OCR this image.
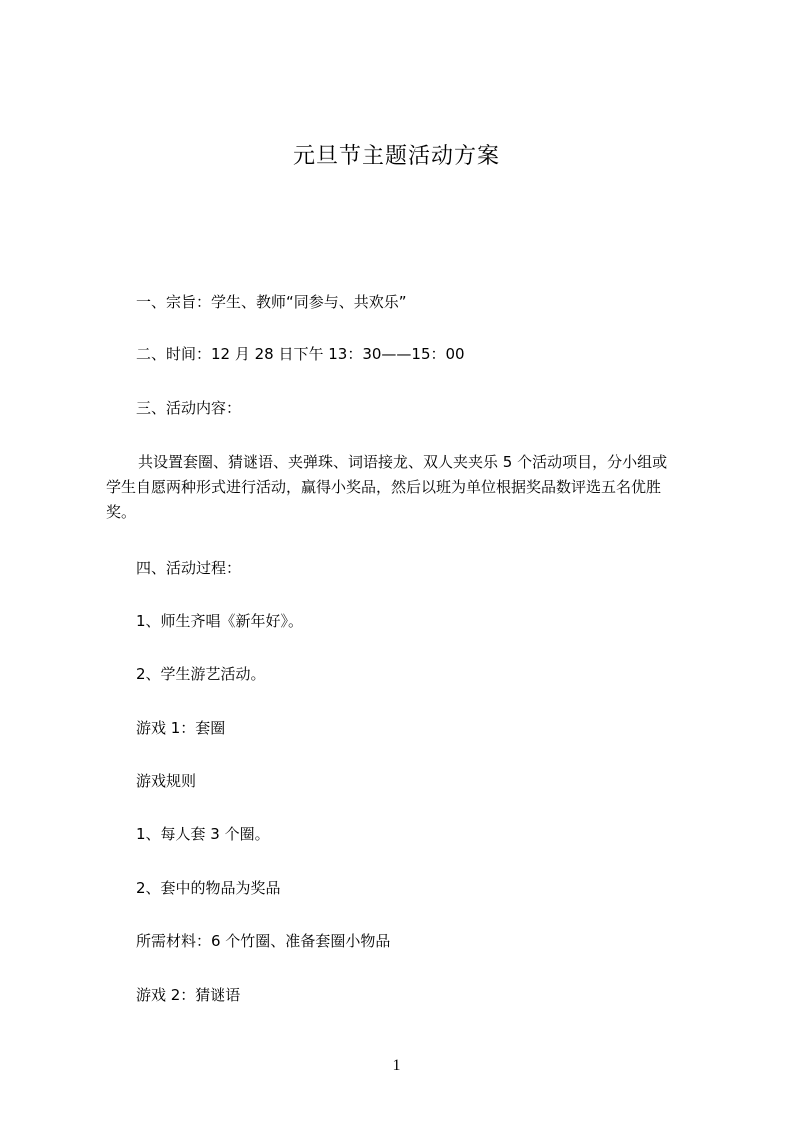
元旦节主题活动方案
一、宗旨：学生、教师“同参与、共欢乐”
二、时间：12 月 28 日下午 13：30——15：00
三、活动内容：
共设置套圈、猜谜语、夹弹珠、词语接龙、双人夹夹乐 5 个活动项目，分小组或
学生自愿两种形式进行活动，赢得小奖品，然后以班为单位根据奖品数评选五名优胜
奖。
四、活动过程：
1、师生齐唱《新年好》。
2、学生游艺活动。
游戏 1：套圈
游戏规则
1、每人套 3 个圈。
2、套中的物品为奖品
所需材料：6 个竹圈、准备套圈小物品
游戏 2：猜谜语
1
